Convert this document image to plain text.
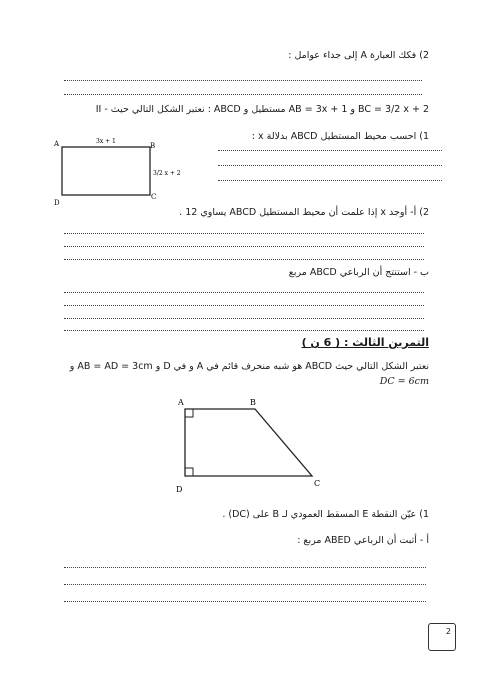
2) فكك العبارة A إلى جداء عوامل :
II - نعتبر الشكل التالي حيث : ABCD مستطيل و AB = 3x + 1 و BC = 3/2 x + 2
A	B
D
C
3x + 1
3/2 x + 2
1) احسب محيط المستطيل ABCD بدلالة x :
2) أ- أوجد x إذا علمت أن محيط المستطيل ABCD يساوي 12 .
ب - استنتج أن الرباعي ABCD مربع
التمرين الثالث : ( 6 ن )
نعتبر الشكل التالي حيث ABCD هو شبه منحرف قائم في A و في D و AB = AD = 3cm و
DC = 6cm
A	B
D
C
1) عيّن النقطة E المسقط العمودي لـ B على (DC) .
أ - أثبت أن الرباعي ABED مربع :
2
